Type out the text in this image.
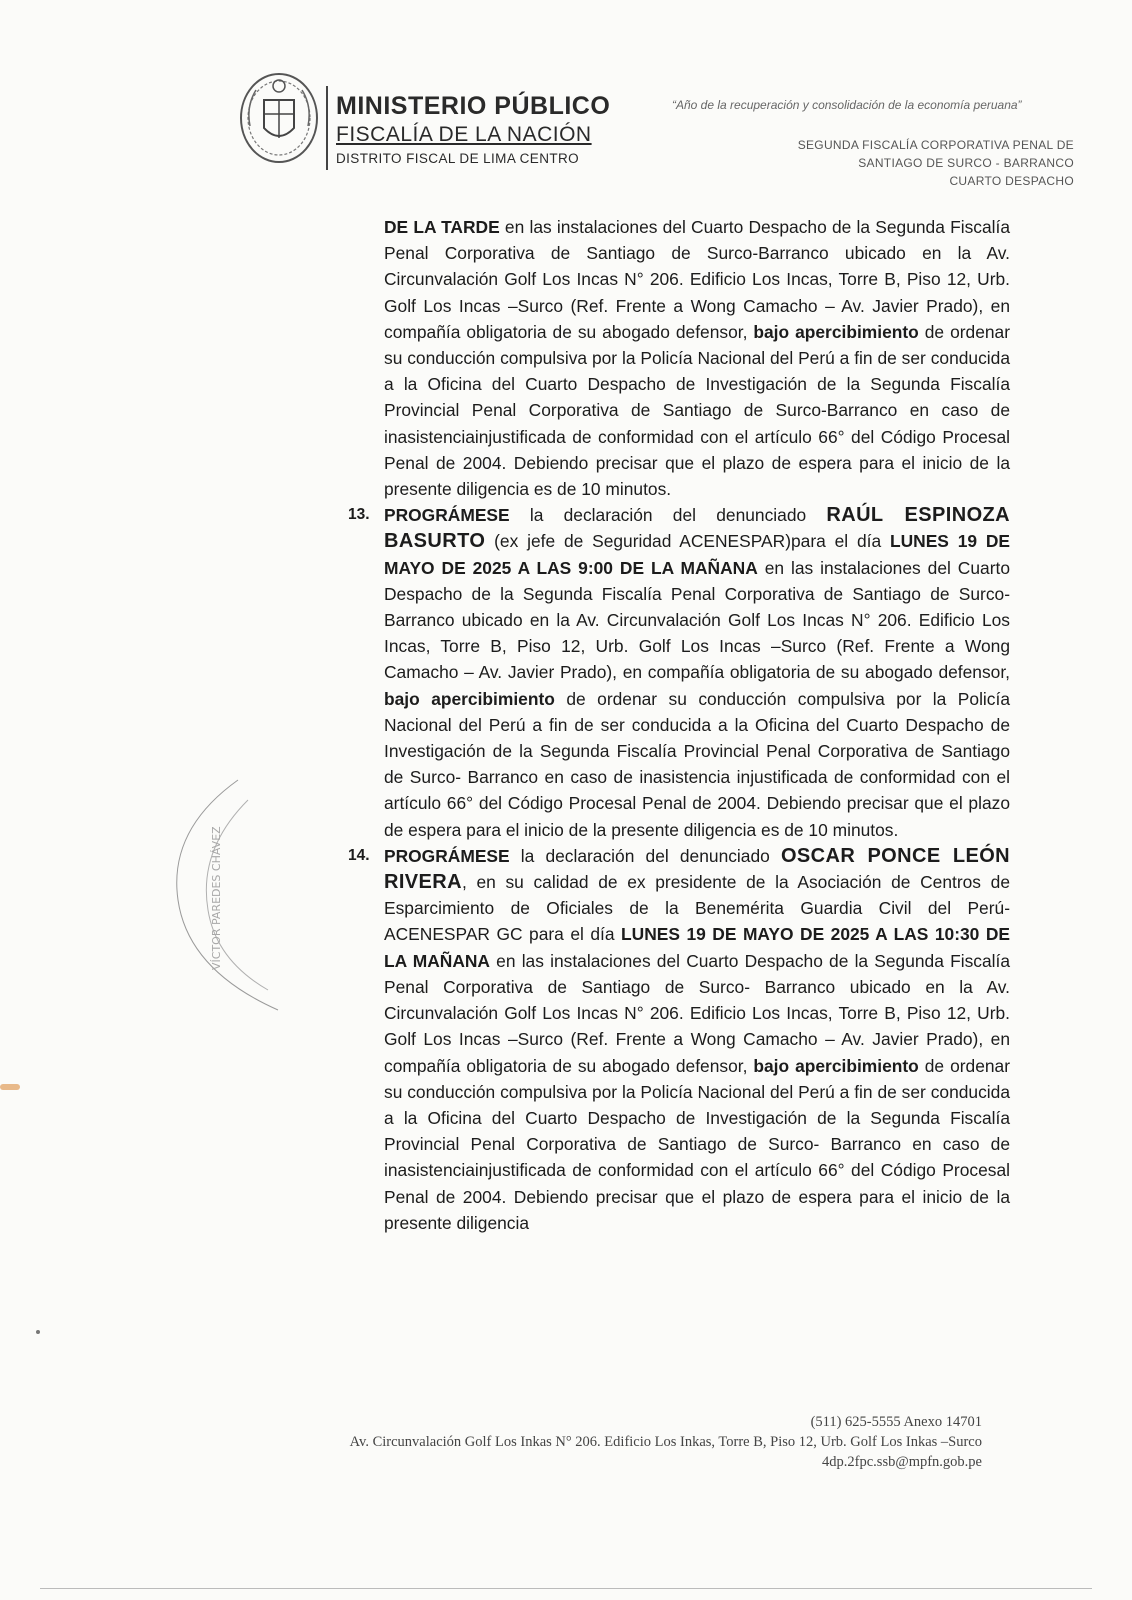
MINISTERIO PÚBLICO
FISCALÍA DE LA NACIÓN
DISTRITO FISCAL DE LIMA CENTRO
“Año de la recuperación y consolidación de la economía peruana”
SEGUNDA FISCALÍA CORPORATIVA PENAL DE
SANTIAGO DE SURCO - BARRANCO
CUARTO DESPACHO

DE LA TARDE en las instalaciones del Cuarto Despacho de la Segunda Fiscalía Penal Corporativa de Santiago de Surco-Barranco ubicado en la Av. Circunvalación Golf Los Incas N° 206. Edificio Los Incas, Torre B, Piso 12, Urb. Golf Los Incas –Surco (Ref. Frente a Wong Camacho – Av. Javier Prado), en compañía obligatoria de su abogado defensor, bajo apercibimiento de ordenar su conducción compulsiva por la Policía Nacional del Perú a fin de ser conducida a la Oficina del Cuarto Despacho de Investigación de la Segunda Fiscalía Provincial Penal Corporativa de Santiago de Surco-Barranco en caso de inasistenciainjustificada de conformidad con el artículo 66° del Código Procesal Penal de 2004. Debiendo precisar que el plazo de espera para el inicio de la presente diligencia es de 10 minutos.

13. PROGRÁMESE la declaración del denunciado RAÚL ESPINOZA BASURTO (ex jefe de Seguridad ACENESPAR)para el día LUNES 19 DE MAYO DE 2025 A LAS 9:00 DE LA MAÑANA en las instalaciones del Cuarto Despacho de la Segunda Fiscalía Penal Corporativa de Santiago de Surco- Barranco ubicado en la Av. Circunvalación Golf Los Incas N° 206. Edificio Los Incas, Torre B, Piso 12, Urb. Golf Los Incas –Surco (Ref. Frente a Wong Camacho – Av. Javier Prado), en compañía obligatoria de su abogado defensor, bajo apercibimiento de ordenar su conducción compulsiva por la Policía Nacional del Perú a fin de ser conducida a la Oficina del Cuarto Despacho de Investigación de la Segunda Fiscalía Provincial Penal Corporativa de Santiago de Surco- Barranco en caso de inasistencia injustificada de conformidad con el artículo 66° del Código Procesal Penal de 2004. Debiendo precisar que el plazo de espera para el inicio de la presente diligencia es de 10 minutos.

14. PROGRÁMESE la declaración del denunciado OSCAR PONCE LEÓN RIVERA, en su calidad de ex presidente de la Asociación de Centros de Esparcimiento de Oficiales de la Benemérita Guardia Civil del Perú- ACENESPAR GC para el día LUNES 19 DE MAYO DE 2025 A LAS 10:30 DE LA MAÑANA en las instalaciones del Cuarto Despacho de la Segunda Fiscalía Penal Corporativa de Santiago de Surco- Barranco ubicado en la Av. Circunvalación Golf Los Incas N° 206. Edificio Los Incas, Torre B, Piso 12, Urb. Golf Los Incas –Surco (Ref. Frente a Wong Camacho – Av. Javier Prado), en compañía obligatoria de su abogado defensor, bajo apercibimiento de ordenar su conducción compulsiva por la Policía Nacional del Perú a fin de ser conducida a la Oficina del Cuarto Despacho de Investigación de la Segunda Fiscalía Provincial Penal Corporativa de Santiago de Surco- Barranco en caso de inasistenciainjustificada de conformidad con el artículo 66° del Código Procesal Penal de 2004. Debiendo precisar que el plazo de espera para el inicio de la presente diligencia

VÍCTOR PAREDES CHÁVEZ
(511) 625-5555 Anexo 14701
Av. Circunvalación Golf Los Inkas N° 206. Edificio Los Inkas, Torre B, Piso 12, Urb. Golf Los Inkas –Surco
4dp.2fpc.ssb@mpfn.gob.pe
